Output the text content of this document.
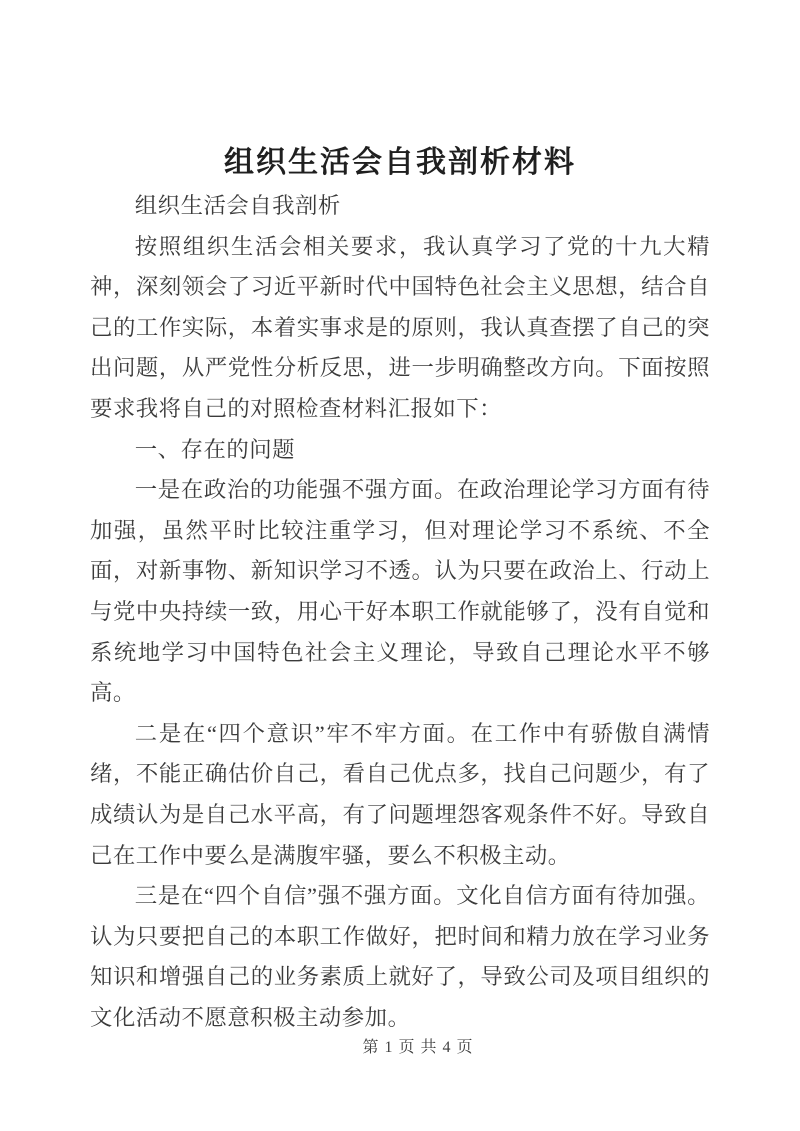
组织生活会自我剖析材料

组织生活会自我剖析

按照组织生活会相关要求，我认真学习了党的十九大精神，深刻领会了习近平新时代中国特色社会主义思想，结合自己的工作实际，本着实事求是的原则，我认真查摆了自己的突出问题，从严党性分析反思，进一步明确整改方向。下面按照要求我将自己的对照检查材料汇报如下：

一、存在的问题

一是在政治的功能强不强方面。在政治理论学习方面有待加强，虽然平时比较注重学习，但对理论学习不系统、不全面，对新事物、新知识学习不透。认为只要在政治上、行动上与党中央持续一致，用心干好本职工作就能够了，没有自觉和系统地学习中国特色社会主义理论，导致自己理论水平不够高。

二是在“四个意识”牢不牢方面。在工作中有骄傲自满情绪，不能正确估价自己，看自己优点多，找自己问题少，有了成绩认为是自己水平高，有了问题埋怨客观条件不好。导致自己在工作中要么是满腹牢骚，要么不积极主动。

三是在“四个自信”强不强方面。文化自信方面有待加强。认为只要把自己的本职工作做好，把时间和精力放在学习业务知识和增强自己的业务素质上就好了，导致公司及项目组织的文化活动不愿意积极主动参加。

第 1 页 共 4 页
